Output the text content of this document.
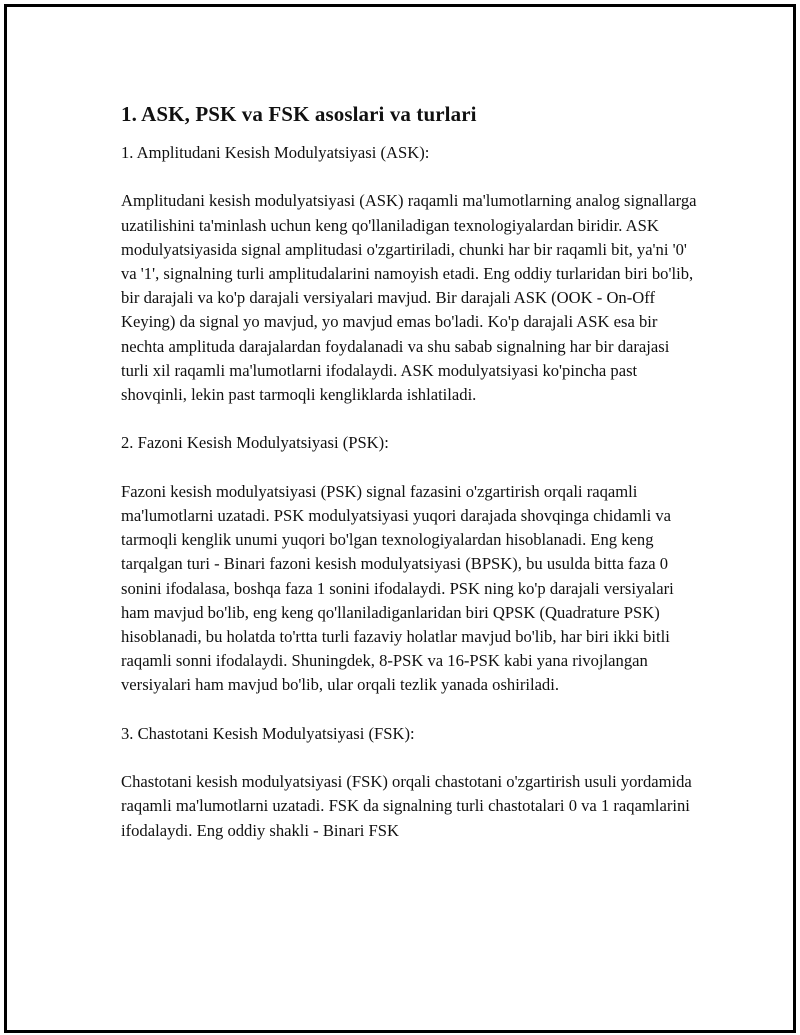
1. ASK, PSK va FSK asoslari va turlari

1. Amplitudani Kesish Modulyatsiyasi (ASK):

Amplitudani kesish modulyatsiyasi (ASK) raqamli ma'lumotlarning analog signallarga uzatilishini ta'minlash uchun keng qo'llaniladigan texnologiyalardan biridir. ASK modulyatsiyasida signal amplitudasi o'zgartiriladi, chunki har bir raqamli bit, ya'ni '0' va '1', signalning turli amplitudalarini namoyish etadi. Eng oddiy turlaridan biri bo'lib, bir darajali va ko'p darajali versiyalari mavjud. Bir darajali ASK (OOK - On-Off Keying) da signal yo mavjud, yo mavjud emas bo'ladi. Ko'p darajali ASK esa bir nechta amplituda darajalardan foydalanadi va shu sabab signalning har bir darajasi turli xil raqamli ma'lumotlarni ifodalaydi. ASK modulyatsiyasi ko'pincha past shovqinli, lekin past tarmoqli kengliklarda ishlatiladi.

2. Fazoni Kesish Modulyatsiyasi (PSK):

Fazoni kesish modulyatsiyasi (PSK) signal fazasini o'zgartirish orqali raqamli ma'lumotlarni uzatadi. PSK modulyatsiyasi yuqori darajada shovqinga chidamli va tarmoqli kenglik unumi yuqori bo'lgan texnologiyalardan hisoblanadi. Eng keng tarqalgan turi - Binari fazoni kesish modulyatsiyasi (BPSK), bu usulda bitta faza 0 sonini ifodalasa, boshqa faza 1 sonini ifodalaydi. PSK ning ko'p darajali versiyalari ham mavjud bo'lib, eng keng qo'llaniladiganlaridan biri QPSK (Quadrature PSK) hisoblanadi, bu holatda to'rtta turli fazaviy holatlar mavjud bo'lib, har biri ikki bitli raqamli sonni ifodalaydi. Shuningdek, 8-PSK va 16-PSK kabi yana rivojlangan versiyalari ham mavjud bo'lib, ular orqali tezlik yanada oshiriladi.

3. Chastotani Kesish Modulyatsiyasi (FSK):

Chastotani kesish modulyatsiyasi (FSK) orqali chastotani o'zgartirish usuli yordamida raqamli ma'lumotlarni uzatadi. FSK da signalning turli chastotalari 0 va 1 raqamlarini ifodalaydi. Eng oddiy shakli - Binari FSK
